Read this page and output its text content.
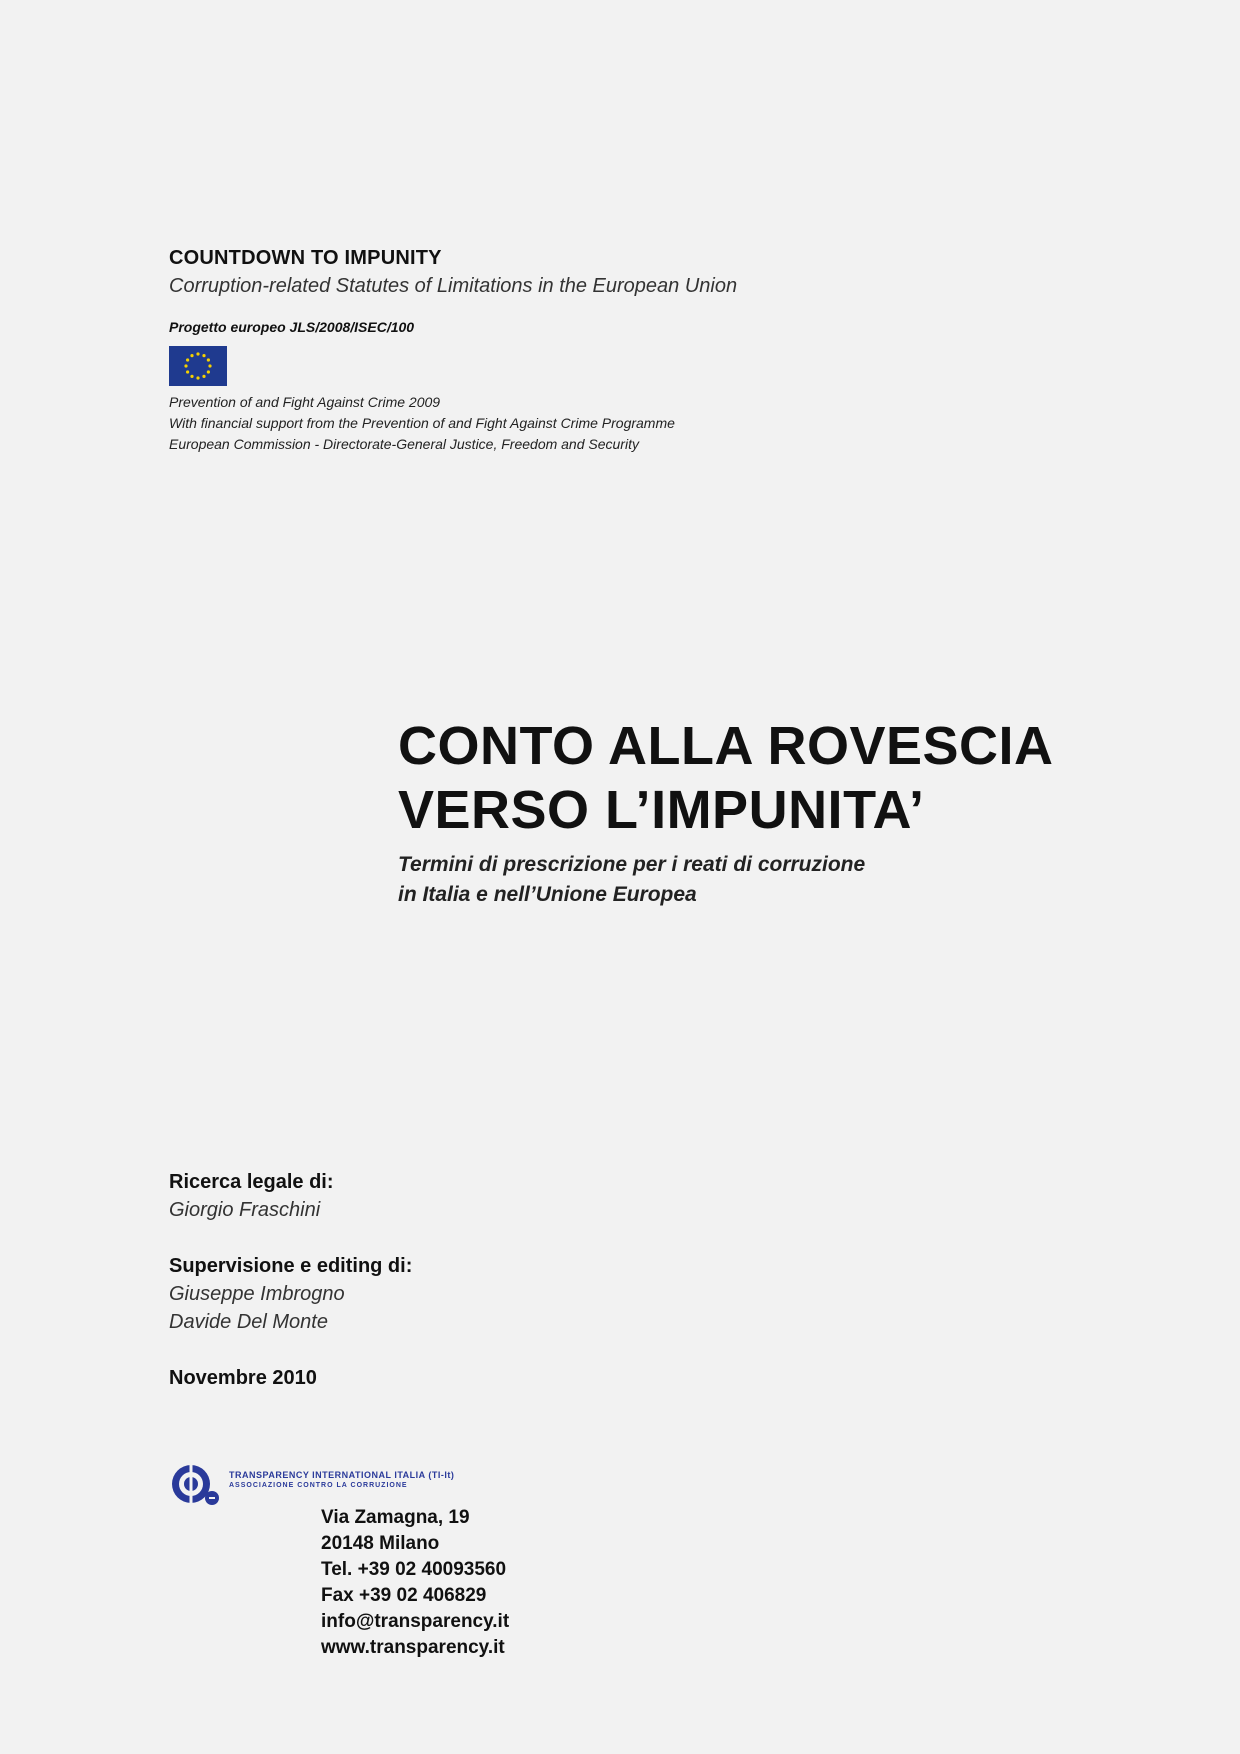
COUNTDOWN TO IMPUNITY
Corruption-related Statutes of Limitations in the European Union
Progetto europeo JLS/2008/ISEC/100
Prevention of and Fight Against Crime 2009
With financial support from the Prevention of and Fight Against Crime Programme
European Commission - Directorate-General Justice, Freedom and Security
CONTO ALLA ROVESCIA
VERSO L’IMPUNITA’
Termini di prescrizione per i reati di corruzione
in Italia e nell’Unione Europea
Ricerca legale di:
Giorgio Fraschini
Supervisione e editing di:
Giuseppe Imbrogno
Davide Del Monte
Novembre 2010
TRANSPARENCY INTERNATIONAL ITALIA (TI-It)
ASSOCIAZIONE CONTRO LA CORRUZIONE
Via Zamagna, 19
20148 Milano
Tel. +39 02 40093560
Fax +39 02 406829
info@transparency.it
www.transparency.it
